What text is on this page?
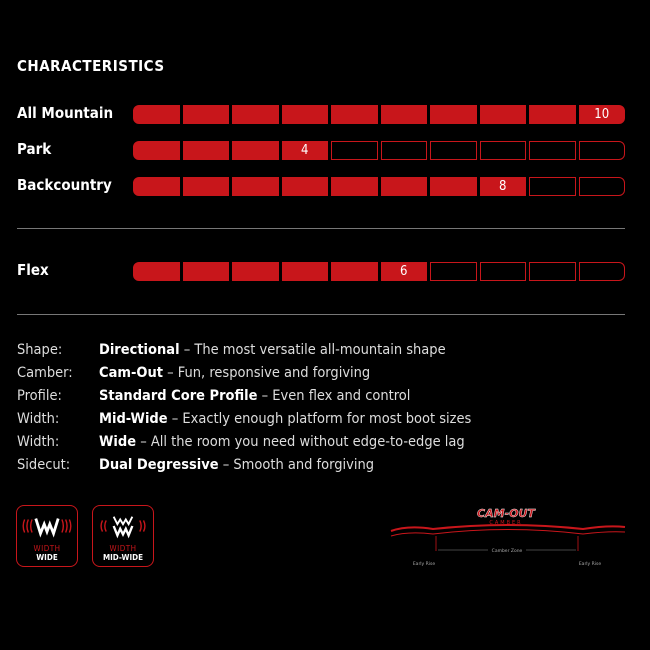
CHARACTERISTICS
All Mountain	10
Park	4
Backcountry	8
Flex	6
Shape:	Directional – The most versatile all-mountain shape
Camber: Cam-Out – Fun, responsive and forgiving
Profile:	Standard Core Profile – Even flex and control
Width:	Mid-Wide – Exactly enough platform for most boot sizes
Width:	Wide – All the room you need without edge-to-edge lag
Sidecut: Dual Degressive – Smooth and forgiving
WIDTH
WIDE
WIDTH
MID-WIDE
CAM-OUT
CAMBER
Camber Zone
Early Rise	Early Rise
